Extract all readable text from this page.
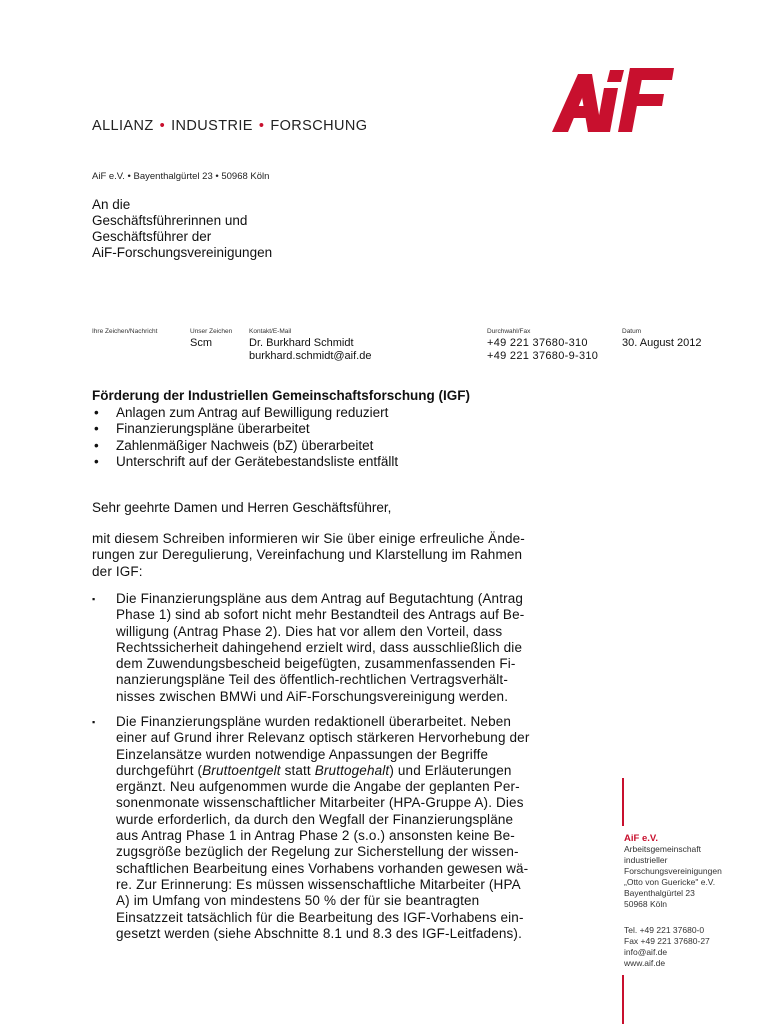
ALLIANZ • INDUSTRIE • FORSCHUNG
AiF e.V. • Bayenthalgürtel 23 • 50968 Köln
An die
Geschäftsführerinnen und
Geschäftsführer der
AiF-Forschungsvereinigungen
Ihre Zeichen/Nachricht	Unser Zeichen
Scm
Kontakt/E-Mail
Dr. Burkhard Schmidt
burkhard.schmidt@aif.de
Durchwahl/Fax
+49 221 37680-310
+49 221 37680-9-310
Datum
30. August 2012
Förderung der Industriellen Gemeinschaftsforschung (IGF)
• Anlagen zum Antrag auf Bewilligung reduziert
• Finanzierungspläne überarbeitet
• Zahlenmäßiger Nachweis (bZ) überarbeitet
• Unterschrift auf der Gerätebestandsliste entfällt
Sehr geehrte Damen und Herren Geschäftsführer,
mit diesem Schreiben informieren wir Sie über einige erfreuliche Ände-
rungen zur Deregulierung, Vereinfachung und Klarstellung im Rahmen
der IGF:
▪ Die Finanzierungspläne aus dem Antrag auf Begutachtung (Antrag
Phase 1) sind ab sofort nicht mehr Bestandteil des Antrags auf Be-
willigung (Antrag Phase 2). Dies hat vor allem den Vorteil, dass
Rechtssicherheit dahingehend erzielt wird, dass ausschließlich die
dem Zuwendungsbescheid beigefügten, zusammenfassenden Fi-
nanzierungspläne Teil des öffentlich-rechtlichen Vertragsverhält-
nisses zwischen BMWi und AiF-Forschungsvereinigung werden.
▪ Die Finanzierungspläne wurden redaktionell überarbeitet. Neben
einer auf Grund ihrer Relevanz optisch stärkeren Hervorhebung der
Einzelansätze wurden notwendige Anpassungen der Begriffe
durchgeführt (Bruttoentgelt statt Bruttogehalt) und Erläuterungen
ergänzt. Neu aufgenommen wurde die Angabe der geplanten Per-
sonenmonate wissenschaftlicher Mitarbeiter (HPA-Gruppe A). Dies
wurde erforderlich, da durch den Wegfall der Finanzierungspläne
aus Antrag Phase 1 in Antrag Phase 2 (s.o.) ansonsten keine Be-
zugsgröße bezüglich der Regelung zur Sicherstellung der wissen-
schaftlichen Bearbeitung eines Vorhabens vorhanden gewesen wä-
re. Zur Erinnerung: Es müssen wissenschaftliche Mitarbeiter (HPA
A) im Umfang von mindestens 50 % der für sie beantragten
Einsatzzeit tatsächlich für die Bearbeitung des IGF-Vorhabens ein-
gesetzt werden (siehe Abschnitte 8.1 und 8.3 des IGF-Leitfadens).
AiF e.V.
Arbeitsgemeinschaft
industrieller
Forschungsvereinigungen
„Otto von Guericke" e.V.
Bayenthalgürtel 23
50968 Köln
Tel. +49 221 37680-0
Fax +49 221 37680-27
info@aif.de
www.aif.de
